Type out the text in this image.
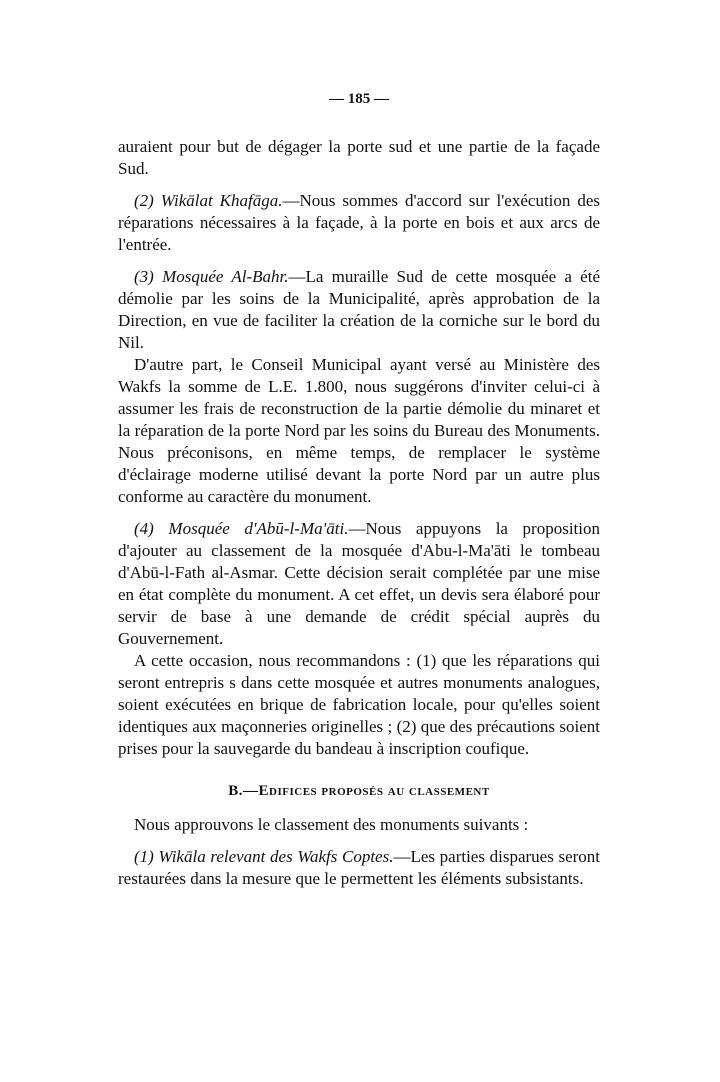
— 185 —

auraient pour but de dégager la porte sud et une partie de la façade Sud.

(2) Wikālat Khafāga.—Nous sommes d'accord sur l'exécution des réparations nécessaires à la façade, à la porte en bois et aux arcs de l'entrée.

(3) Mosquée Al-Bahr.—La muraille Sud de cette mosquée a été démolie par les soins de la Municipalité, après approbation de la Direction, en vue de faciliter la création de la corniche sur le bord du Nil.

D'autre part, le Conseil Municipal ayant versé au Ministère des Wakfs la somme de L.E. 1.800, nous suggérons d'inviter celui-ci à assumer les frais de reconstruction de la partie démolie du minaret et la réparation de la porte Nord par les soins du Bureau des Monuments. Nous préconisons, en même temps, de remplacer le système d'éclairage moderne utilisé devant la porte Nord par un autre plus conforme au caractère du monument.

(4) Mosquée d'Abū-l-Ma'āti.—Nous appuyons la proposition d'ajouter au classement de la mosquée d'Abu-l-Ma'āti le tombeau d'Abū-l-Fath al-Asmar. Cette décision serait complétée par une mise en état complète du monument. A cet effet, un devis sera élaboré pour servir de base à une demande de crédit spécial auprès du Gouvernement.

A cette occasion, nous recommandons : (1) que les réparations qui seront entrepris s dans cette mosquée et autres monuments analogues, soient exécutées en brique de fabrication locale, pour qu'elles soient identiques aux maçonneries originelles ; (2) que des précautions soient prises pour la sauvegarde du bandeau à inscription coufique.

B.—Edifices proposés au classement

Nous approuvons le classement des monuments suivants :

(1) Wikāla relevant des Wakfs Coptes.—Les parties disparues seront restaurées dans la mesure que le permettent les éléments subsistants.
